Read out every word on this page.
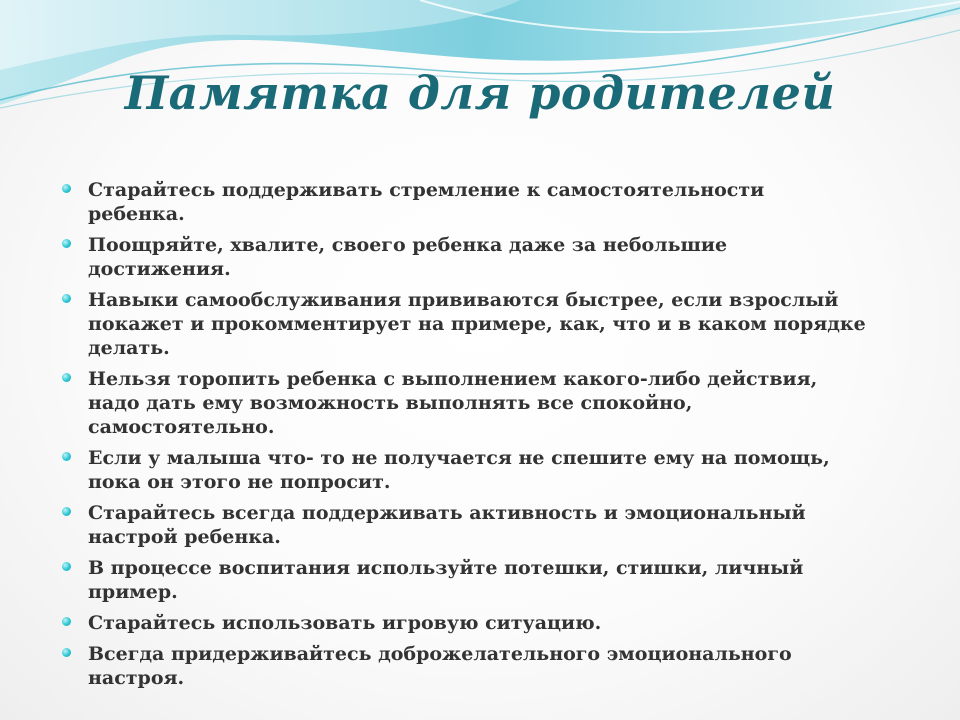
Памятка для родителей
Старайтесь поддерживать стремление к самостоятельности
ребенка.
Поощряйте, хвалите, своего ребенка даже за небольшие
достижения.
Навыки самообслуживания прививаются быстрее, если взрослый
покажет и прокомментирует на примере, как, что и в каком порядке
делать.
Нельзя торопить ребенка с выполнением какого-либо действия,
надо дать ему возможность выполнять все спокойно,
самостоятельно.
Если у малыша что- то не получается не спешите ему на помощь,
пока он этого не попросит.
Старайтесь всегда поддерживать активность и эмоциональный
настрой ребенка.
В процессе воспитания используйте потешки, стишки, личный
пример.
Старайтесь использовать игровую ситуацию.
Всегда придерживайтесь доброжелательного эмоционального
настроя.
